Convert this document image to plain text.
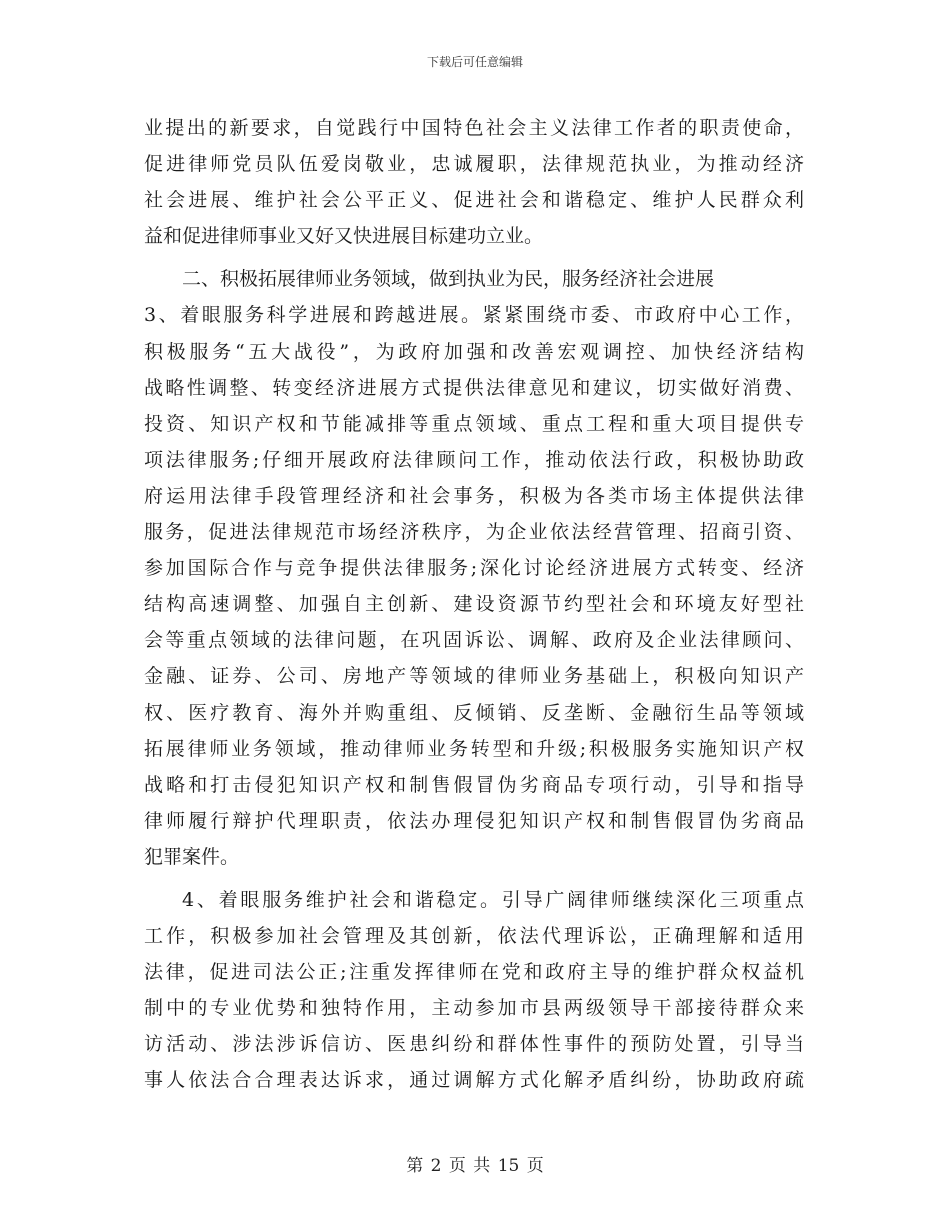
下载后可任意编辑
业提出的新要求，自觉践行中国特色社会主义法律工作者的职责使命，
促进律师党员队伍爱岗敬业，忠诚履职，法律规范执业，为推动经济
社会进展、维护社会公平正义、促进社会和谐稳定、维护人民群众利
益和促进律师事业又好又快进展目标建功立业。
二、积极拓展律师业务领域，做到执业为民，服务经济社会进展
3、着眼服务科学进展和跨越进展。紧紧围绕市委、市政府中心工作，
积极服务“五大战役”，为政府加强和改善宏观调控、加快经济结构
战略性调整、转变经济进展方式提供法律意见和建议，切实做好消费、
投资、知识产权和节能减排等重点领域、重点工程和重大项目提供专
项法律服务;仔细开展政府法律顾问工作，推动依法行政，积极协助政
府运用法律手段管理经济和社会事务，积极为各类市场主体提供法律
服务，促进法律规范市场经济秩序，为企业依法经营管理、招商引资、
参加国际合作与竞争提供法律服务;深化讨论经济进展方式转变、经济
结构高速调整、加强自主创新、建设资源节约型社会和环境友好型社
会等重点领域的法律问题，在巩固诉讼、调解、政府及企业法律顾问、
金融、证券、公司、房地产等领域的律师业务基础上，积极向知识产
权、医疗教育、海外并购重组、反倾销、反垄断、金融衍生品等领域
拓展律师业务领域，推动律师业务转型和升级;积极服务实施知识产权
战略和打击侵犯知识产权和制售假冒伪劣商品专项行动，引导和指导
律师履行辩护代理职责，依法办理侵犯知识产权和制售假冒伪劣商品
犯罪案件。
4、着眼服务维护社会和谐稳定。引导广阔律师继续深化三项重点
工作，积极参加社会管理及其创新，依法代理诉讼，正确理解和适用
法律，促进司法公正;注重发挥律师在党和政府主导的维护群众权益机
制中的专业优势和独特作用，主动参加市县两级领导干部接待群众来
访活动、涉法涉诉信访、医患纠纷和群体性事件的预防处置，引导当
事人依法合合理表达诉求，通过调解方式化解矛盾纠纷，协助政府疏
第 2 页 共 15 页
